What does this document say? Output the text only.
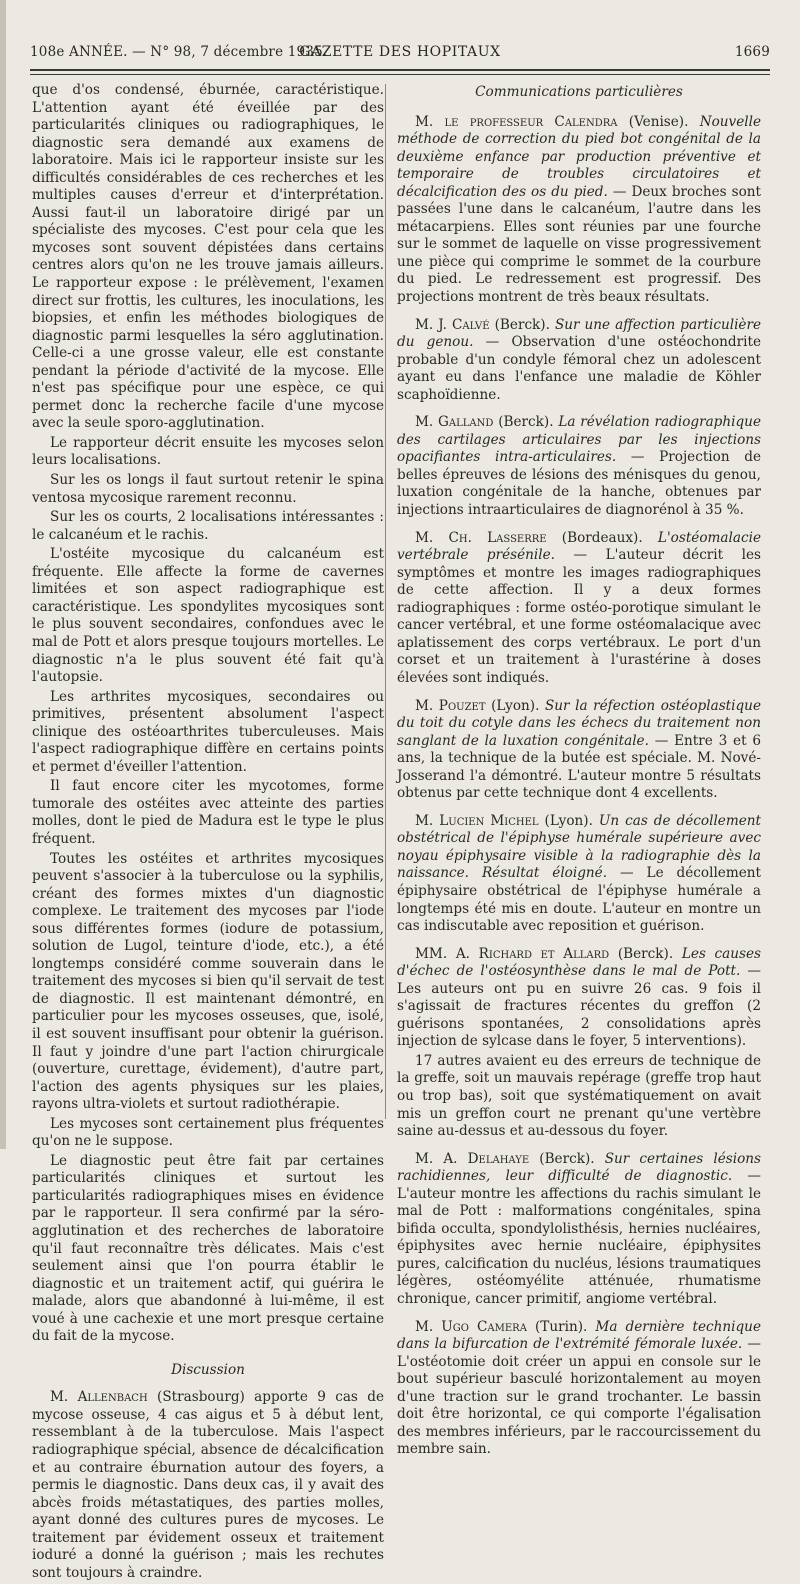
108e ANNÉE. — N° 98, 7 décembre 1935.
GAZETTE DES HOPITAUX	1669

que d'os condensé, éburnée, caractéristique. L'attention ayant été éveillée par des particularités cliniques ou radiographiques, le diagnostic sera demandé aux examens de laboratoire. Mais ici le rapporteur insiste sur les difficultés considérables de ces recherches et les multiples causes d'erreur et d'interprétation. Aussi faut-il un laboratoire dirigé par un spécialiste des mycoses. C'est pour cela que les mycoses sont souvent dépistées dans certains centres alors qu'on ne les trouve jamais ailleurs. Le rapporteur expose : le prélèvement, l'examen direct sur frottis, les cultures, les inoculations, les biopsies, et enfin les méthodes biologiques de diagnostic parmi lesquelles la séro agglutination. Celle-ci a une grosse valeur, elle est constante pendant la période d'activité de la mycose. Elle n'est pas spécifique pour une espèce, ce qui permet donc la recherche facile d'une mycose avec la seule sporo-agglutination.

Le rapporteur décrit ensuite les mycoses selon leurs localisations.

Sur les os longs il faut surtout retenir le spina ventosa mycosique rarement reconnu.

Sur les os courts, 2 localisations intéressantes : le calcanéum et le rachis.

L'ostéite mycosique du calcanéum est fréquente. Elle affecte la forme de cavernes limitées et son aspect radiographique est caractéristique. Les spondylites mycosiques sont le plus souvent secondaires, confondues avec le mal de Pott et alors presque toujours mortelles. Le diagnostic n'a le plus souvent été fait qu'à l'autopsie.

Les arthrites mycosiques, secondaires ou primitives, présentent absolument l'aspect clinique des ostéoarthrites tuberculeuses. Mais l'aspect radiographique diffère en certains points et permet d'éveiller l'attention.

Il faut encore citer les mycotomes, forme tumorale des ostéites avec atteinte des parties molles, dont le pied de Madura est le type le plus fréquent.

Toutes les ostéites et arthrites mycosiques peuvent s'associer à la tuberculose ou la syphilis, créant des formes mixtes d'un diagnostic complexe. Le traitement des mycoses par l'iode sous différentes formes (iodure de potassium, solution de Lugol, teinture d'iode, etc.), a été longtemps considéré comme souverain dans le traitement des mycoses si bien qu'il servait de test de diagnostic. Il est maintenant démontré, en particulier pour les mycoses osseuses, que, isolé, il est souvent insuffisant pour obtenir la guérison. Il faut y joindre d'une part l'action chirurgicale (ouverture, curettage, évidement), d'autre part, l'action des agents physiques sur les plaies, rayons ultra-violets et surtout radiothérapie.

Les mycoses sont certainement plus fréquentes qu'on ne le suppose.

Le diagnostic peut être fait par certaines particularités cliniques et surtout les particularités radiographiques mises en évidence par le rapporteur. Il sera confirmé par la séro-agglutination et des recherches de laboratoire qu'il faut reconnaître très délicates. Mais c'est seulement ainsi que l'on pourra établir le diagnostic et un traitement actif, qui guérira le malade, alors que abandonné à lui-même, il est voué à une cachexie et une mort presque certaine du fait de la mycose.

Discussion

M. Allenbach (Strasbourg) apporte 9 cas de mycose osseuse, 4 cas aigus et 5 à début lent, ressemblant à de la tuberculose. Mais l'aspect radiographique spécial, absence de décalcification et au contraire éburnation autour des foyers, a permis le diagnostic. Dans deux cas, il y avait des abcès froids métastatiques, des parties molles, ayant donné des cultures pures de mycoses. Le traitement par évidement osseux et traitement ioduré a donné la guérison ; mais les rechutes sont toujours à craindre.

Communications particulières

M. le professeur Calendra (Venise). Nouvelle méthode de correction du pied bot congénital de la deuxième enfance par production préventive et temporaire de troubles circulatoires et décalcification des os du pied. — Deux broches sont passées l'une dans le calcanéum, l'autre dans les métacarpiens. Elles sont réunies par une fourche sur le sommet de laquelle on visse progressivement une pièce qui comprime le sommet de la courbure du pied. Le redressement est progressif. Des projections montrent de très beaux résultats.

M. J. Calvé (Berck). Sur une affection particulière du genou. — Observation d'une ostéochondrite probable d'un condyle fémoral chez un adolescent ayant eu dans l'enfance une maladie de Köhler scaphoïdienne.

M. Galland (Berck). La révélation radiographique des cartilages articulaires par les injections opacifiantes intra-articulaires. — Projection de belles épreuves de lésions des ménisques du genou, luxation congénitale de la hanche, obtenues par injections intraarticulaires de diagnorénol à 35 %.

M. Ch. Lasserre (Bordeaux). L'ostéomalacie vertébrale présénile. — L'auteur décrit les symptômes et montre les images radiographiques de cette affection. Il y a deux formes radiographiques : forme ostéo-porotique simulant le cancer vertébral, et une forme ostéomalacique avec aplatissement des corps vertébraux. Le port d'un corset et un traitement à l'urastérine à doses élevées sont indiqués.

M. Pouzet (Lyon). Sur la réfection ostéoplastique du toit du cotyle dans les échecs du traitement non sanglant de la luxation congénitale. — Entre 3 et 6 ans, la technique de la butée est spéciale. M. Nové-Josserand l'a démontré. L'auteur montre 5 résultats obtenus par cette technique dont 4 excellents.

M. Lucien Michel (Lyon). Un cas de décollement obstétrical de l'épiphyse humérale supérieure avec noyau épiphysaire visible à la radiographie dès la naissance. Résultat éloigné. — Le décollement épiphysaire obstétrical de l'épiphyse humérale a longtemps été mis en doute. L'auteur en montre un cas indiscutable avec reposition et guérison.

MM. A. Richard et Allard (Berck). Les causes d'échec de l'ostéosynthèse dans le mal de Pott. — Les auteurs ont pu en suivre 26 cas. 9 fois il s'agissait de fractures récentes du greffon (2 guérisons spontanées, 2 consolidations après injection de sylcase dans le foyer, 5 interventions).

17 autres avaient eu des erreurs de technique de la greffe, soit un mauvais repérage (greffe trop haut ou trop bas), soit que systématiquement on avait mis un greffon court ne prenant qu'une vertèbre saine au-dessus et au-dessous du foyer.

M. A. Delahaye (Berck). Sur certaines lésions rachidiennes, leur difficulté de diagnostic. — L'auteur montre les affections du rachis simulant le mal de Pott : malformations congénitales, spina bifida occulta, spondylolisthésis, hernies nucléaires, épiphysites avec hernie nucléaire, épiphysites pures, calcification du nucléus, lésions traumatiques légères, ostéomyélite atténuée, rhumatisme chronique, cancer primitif, angiome vertébral.

M. Ugo Camera (Turin). Ma dernière technique dans la bifurcation de l'extrémité fémorale luxée. — L'ostéotomie doit créer un appui en console sur le bout supérieur basculé horizontalement au moyen d'une traction sur le grand trochanter. Le bassin doit être horizontal, ce qui comporte l'égalisation des membres inférieurs, par le raccourcissement du membre sain.
